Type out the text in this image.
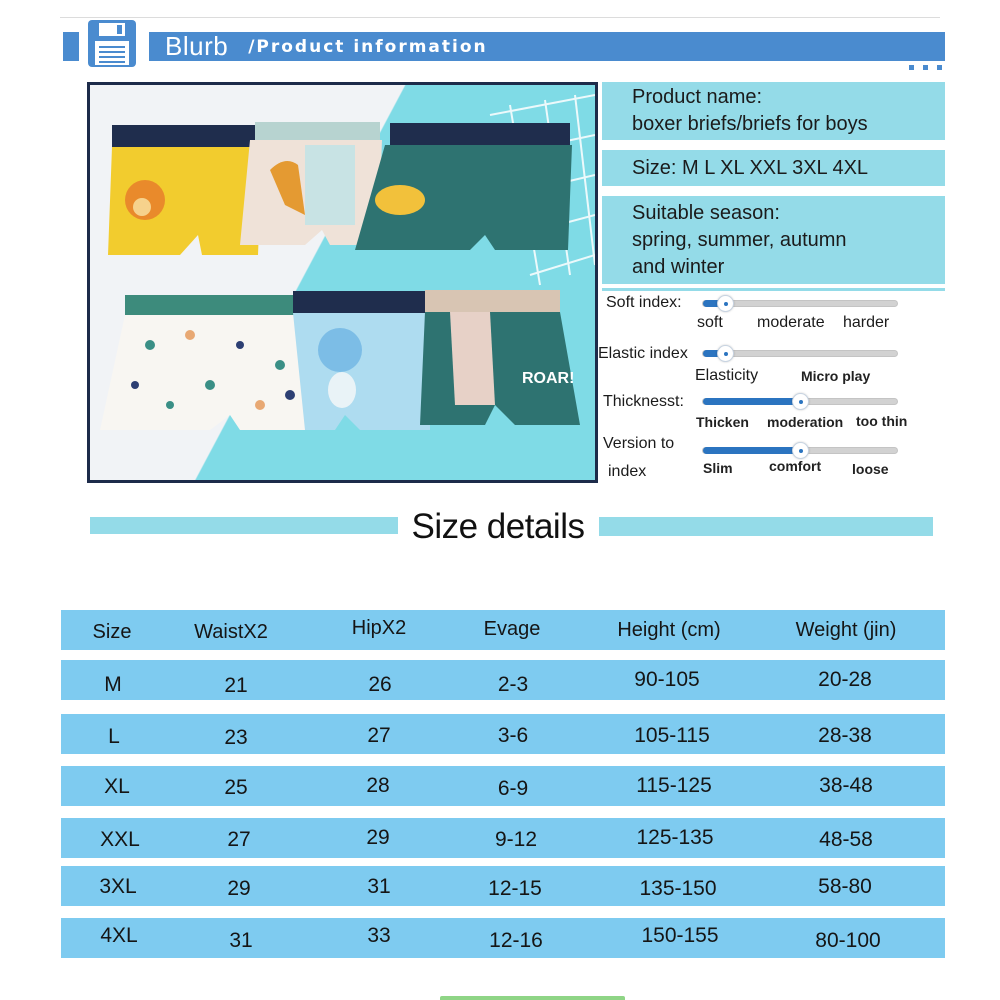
Blurb /Product information
ROAR!
Product name:
boxer briefs/briefs for boys
Size: M L XL XXL 3XL 4XL
Suitable season:
spring, summer, autumn
and winter
Soft index:
soft moderate harder
Elastic index
Elasticity	Micro play
Thicknesst:
Thicken moderation too thin
Version to
index	Slim	comfort loose
Size details
Size	WaistX2	HipX2	Evage	Height (cm)	Weight (jin)
M	21	26	2-3	90-105	20-28
L	23	27	3-6	105-115	28-38
XL	25	28	6-9	115-125	38-48
XXL	27	29	9-12	125-135	48-58
3XL	29	31	12-15	135-150	58-80
4XL	31	33	12-16	150-155	80-100
